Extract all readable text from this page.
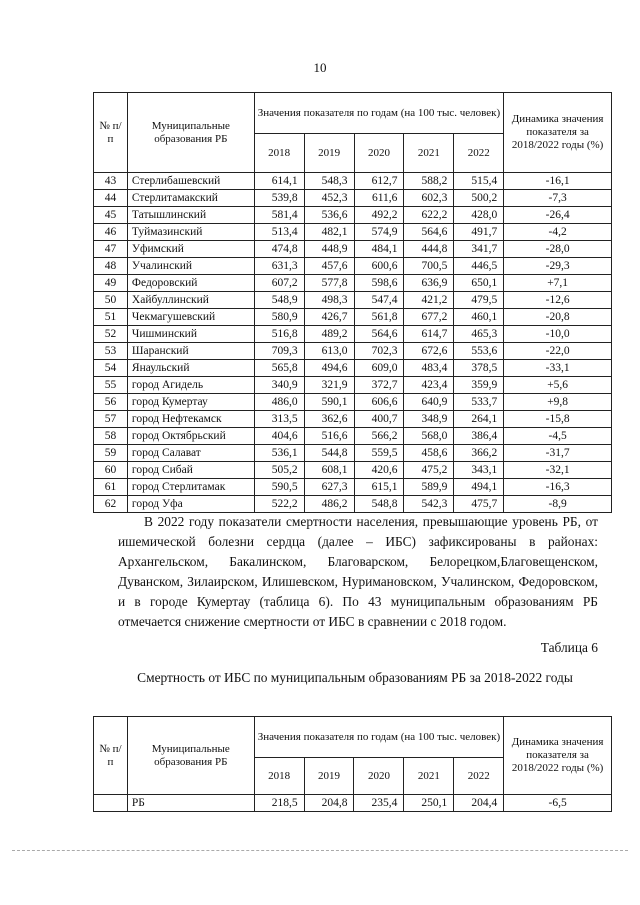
10
№ п/п	Муниципальные образования РБ	Значения показателя по годам (на 100 тыс. человек)					Динамика значения показателя за 2018/2022 годы (%)
		2018	2019	2020	2021	2022	
43	Стерлибашевский	614,1	548,3	612,7	588,2	515,4	-16,1
44	Стерлитамакский	539,8	452,3	611,6	602,3	500,2	-7,3
45	Татышлинский	581,4	536,6	492,2	622,2	428,0	-26,4
46	Туймазинский	513,4	482,1	574,9	564,6	491,7	-4,2
47	Уфимский	474,8	448,9	484,1	444,8	341,7	-28,0
48	Учалинский	631,3	457,6	600,6	700,5	446,5	-29,3
49	Федоровский	607,2	577,8	598,6	636,9	650,1	+7,1
50	Хайбуллинский	548,9	498,3	547,4	421,2	479,5	-12,6
51	Чекмагушевский	580,9	426,7	561,8	677,2	460,1	-20,8
52	Чишминский	516,8	489,2	564,6	614,7	465,3	-10,0
53	Шаранский	709,3	613,0	702,3	672,6	553,6	-22,0
54	Янаульский	565,8	494,6	609,0	483,4	378,5	-33,1
55	город Агидель	340,9	321,9	372,7	423,4	359,9	+5,6
56	город Кумертау	486,0	590,1	606,6	640,9	533,7	+9,8
57	город Нефтекамск	313,5	362,6	400,7	348,9	264,1	-15,8
58	город Октябрьский	404,6	516,6	566,2	568,0	386,4	-4,5
59	город Салават	536,1	544,8	559,5	458,6	366,2	-31,7
60	город Сибай	505,2	608,1	420,6	475,2	343,1	-32,1
61	город Стерлитамак	590,5	627,3	615,1	589,9	494,1	-16,3
62	город Уфа	522,2	486,2	548,8	542,3	475,7	-8,9
В 2022 году показатели смертности населения, превышающие уровень РБ, от ишемической болезни сердца (далее – ИБС) зафиксированы в районах: Архангельском, Бакалинском, Благоварском, Белорецком,Благовещенском, Дуванском, Зилаирском, Илишевском, Нуримановском, Учалинском, Федоровском, и в городе Кумертау (таблица 6). По 43 муниципальным образованиям РБ отмечается снижение смертности от ИБС в сравнении с 2018 годом.
Таблица 6
Смертность от ИБС по муниципальным образованиям РБ за 2018-2022 годы
№ п/п	Муниципальные образования РБ	Значения показателя по годам (на 100 тыс. человек)					Динамика значения показателя за 2018/2022 годы (%)
		2018	2019	2020	2021	2022	
	РБ	218,5	204,8	235,4	250,1	204,4	-6,5
